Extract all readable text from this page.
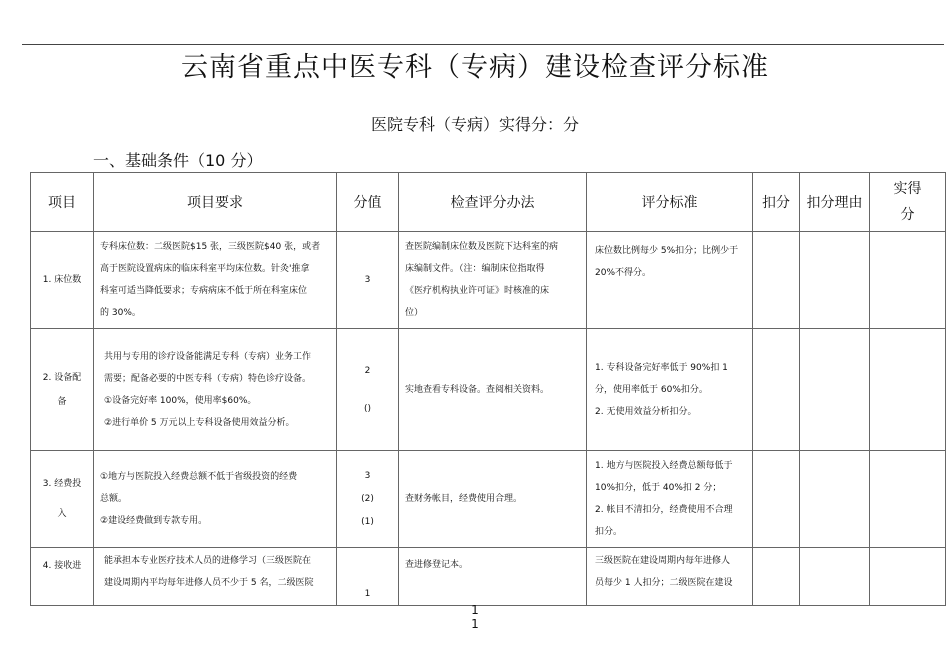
云南省重点中医专科（专病）建设检查评分标准
医院专科（专病）实得分：分
一、基础条件（10 分）
项目	项目要求	分值	检查评分办法	评分标准	扣分	扣分理由	实得
分

1. 床位数	专科床位数：二级医院$15 张，三级医院$40 张，或者
高于医院设置病床的临床科室平均床位数。针灸'推拿
科室可适当降低要求；专病病床不低于所在科室床位
的 30%。	3	查医院编制床位数及医院下达科室的病
床编制文件。（注：编制床位指取得
《医疗机构执业许可证》时核准的床
位）	床位数比例每少 5%扣分；比例少于
20%不得分。			

2. 设备配
备	共用与专用的诊疗设备能满足专科（专病）业务工作
需要；配备必要的中医专科（专病）特色诊疗设备。
①设备完好率 100%，使用率$60%。
②进行单价 5 万元以上专科设备使用效益分析。	2
()	实地查看专科设备。查阅相关资料。	1. 专科设备完好率低于 90%扣 1
分，使用率低于 60%扣分。
2. 无使用效益分析扣分。			

3. 经费投
入	①地方与医院投入经费总额不低于省级投资的经费
总额。
②建设经费做到专款专用。	3
(2)
(1)	查财务帐目，经费使用合理。	1. 地方与医院投入经费总额每低于
10%扣分，低于 40%扣 2 分；
2. 帐目不清扣分，经费使用不合理
扣分。			

4. 接收进	能承担本专业医疗技术人员的进修学习（三级医院在
建设周期内平均每年进修人员不少于 5 名，二级医院	1	查进修登记本。	三级医院在建设周期内每年进修人
员每少 1 人扣分；二级医院在建设			

1
1
